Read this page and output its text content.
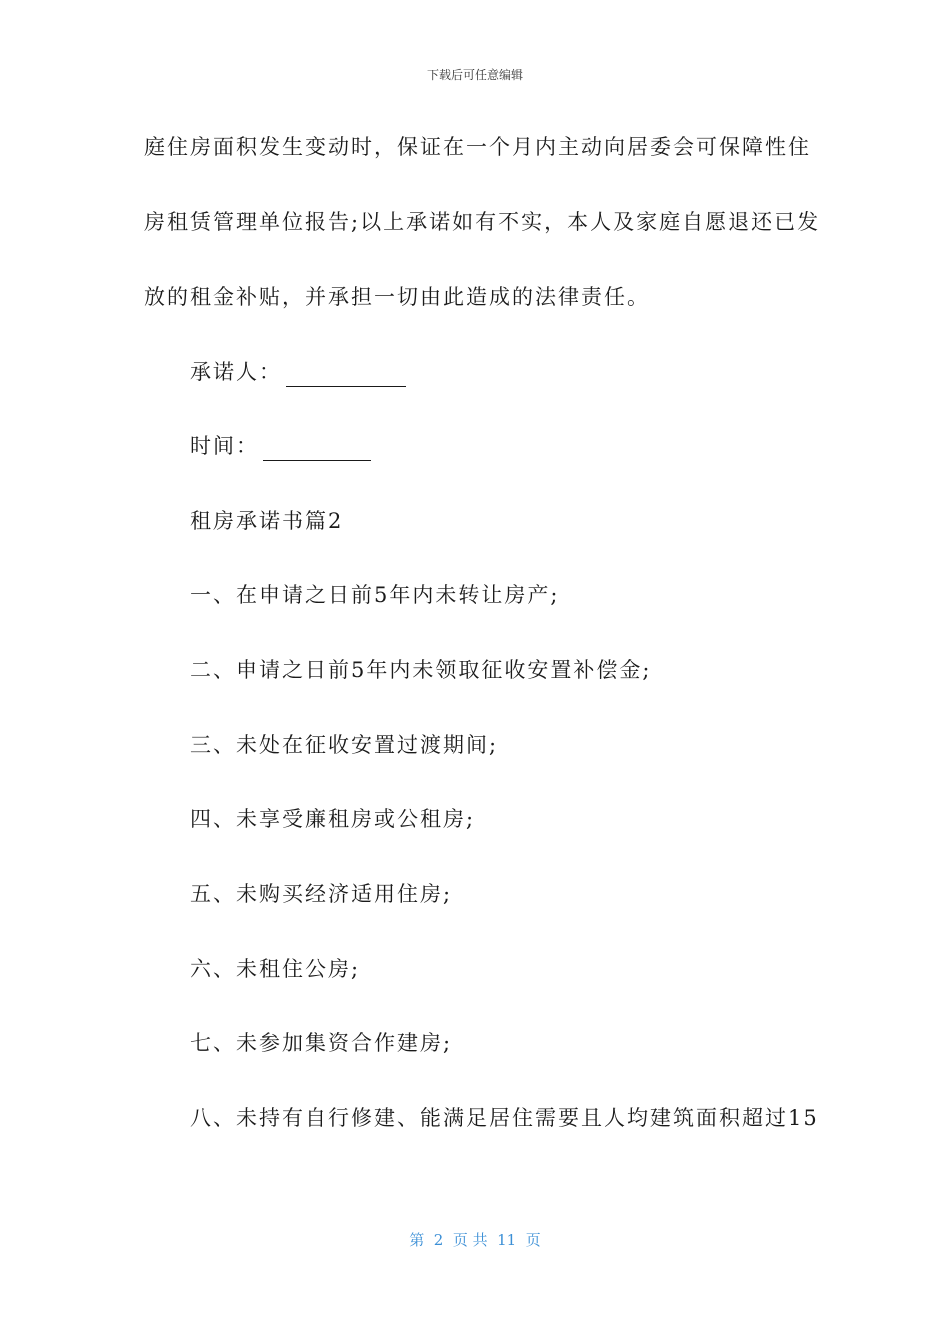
下载后可任意编辑
庭住房面积发生变动时，保证在一个月内主动向居委会可保障性住
房租赁管理单位报告;以上承诺如有不实，本人及家庭自愿退还已发
放的租金补贴，并承担一切由此造成的法律责任。
承诺人：
时间：
租房承诺书篇2
一、在申请之日前5年内未转让房产;
二、申请之日前5年内未领取征收安置补偿金;
三、未处在征收安置过渡期间;
四、未享受廉租房或公租房;
五、未购买经济适用住房;
六、未租住公房;
七、未参加集资合作建房;
八、未持有自行修建、能满足居住需要且人均建筑面积超过15
第  2  页 共  11  页
